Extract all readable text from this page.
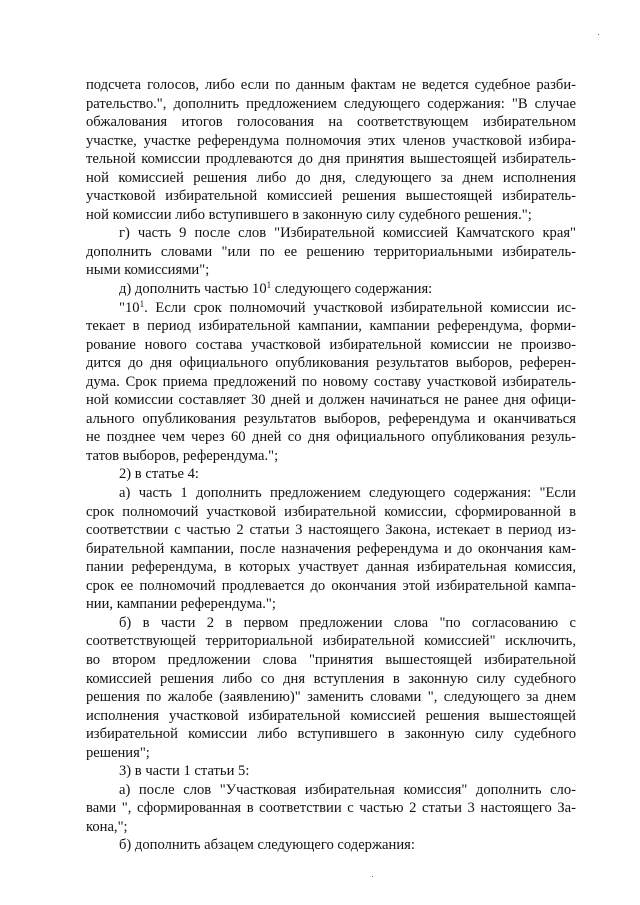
подсчета голосов, либо если по данным фактам не ведется судебное разби-
рательство.", дополнить предложением следующего содержания: "В случае
обжалования итогов голосования на соответствующем избирательном
участке, участке референдума полномочия этих членов участковой избира-
тельной комиссии продлеваются до дня принятия вышестоящей избиратель-
ной комиссией решения либо до дня, следующего за днем исполнения
участковой избирательной комиссией решения вышестоящей избиратель-
ной комиссии либо вступившего в законную силу судебного решения.";
г) часть 9 после слов "Избирательной комиссией Камчатского края"
дополнить словами "или по ее решению территориальными избиратель-
ными комиссиями";
д) дополнить частью $10^1$ следующего содержания:
"$10^1$. Если срок полномочий участковой избирательной комиссии ис-
текает в период избирательной кампании, кампании референдума, форми-
рование нового состава участковой избирательной комиссии не произво-
дится до дня официального опубликования результатов выборов, референ-
дума. Срок приема предложений по новому составу участковой избиратель-
ной комиссии составляет 30 дней и должен начинаться не ранее дня офици-
ального опубликования результатов выборов, референдума и оканчиваться
не позднее чем через 60 дней со дня официального опубликования резуль-
татов выборов, референдума.";
2) в статье 4:
а) часть 1 дополнить предложением следующего содержания: "Если
срок полномочий участковой избирательной комиссии, сформированной в
соответствии с частью 2 статьи 3 настоящего Закона, истекает в период из-
бирательной кампании, после назначения референдума и до окончания кам-
пании референдума, в которых участвует данная избирательная комиссия,
срок ее полномочий продлевается до окончания этой избирательной кампа-
нии, кампании референдума.";
б) в части 2 в первом предложении слова "по согласованию с
соответствующей территориальной избирательной комиссией" исключить,
во втором предложении слова "принятия вышестоящей избирательной
комиссией решения либо со дня вступления в законную силу судебного
решения по жалобе (заявлению)" заменить словами ", следующего за днем
исполнения участковой избирательной комиссией решения вышестоящей
избирательной комиссии либо вступившего в законную силу судебного
решения";
3) в части 1 статьи 5:
а) после слов "Участковая избирательная комиссия" дополнить сло-
вами ", сформированная в соответствии с частью 2 статьи 3 настоящего За-
кона,";
б) дополнить абзацем следующего содержания:
